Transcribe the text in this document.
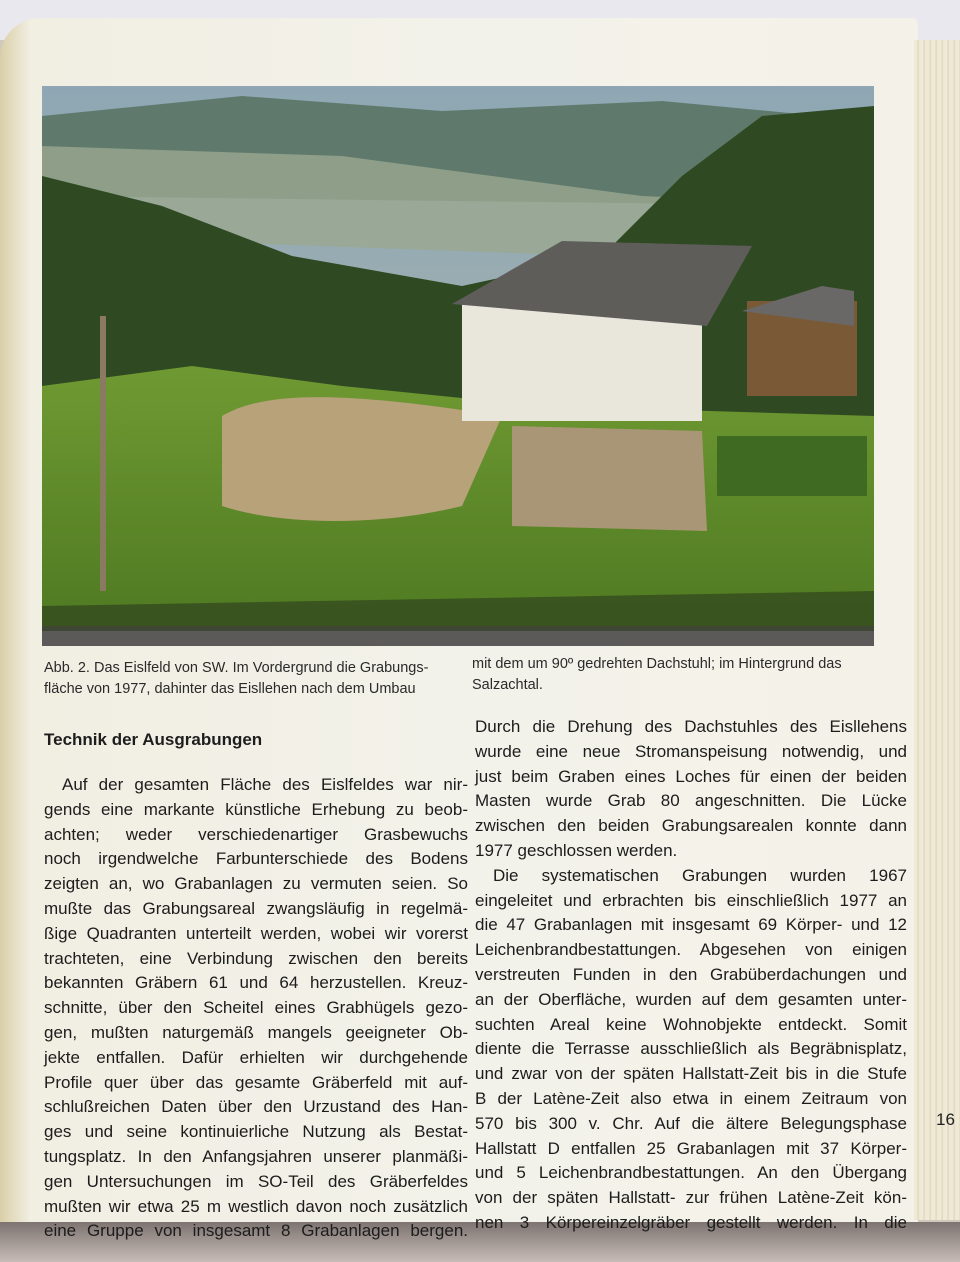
Abb. 2. Das Eislfeld von SW. Im Vordergrund die Grabungs-
fläche von 1977, dahinter das Eisllehen nach dem Umbau
mit dem um 90º gedrehten Dachstuhl; im Hintergrund das
Salzachtal.
Technik der Ausgrabungen
Auf der gesamten Fläche des Eislfeldes war nir-
gends eine markante künstliche Erhebung zu beob-
achten; weder verschiedenartiger Grasbewuchs
noch irgendwelche Farbunterschiede des Bodens
zeigten an, wo Grabanlagen zu vermuten seien. So
mußte das Grabungsareal zwangsläufig in regelmä-
ßige Quadranten unterteilt werden, wobei wir vorerst
trachteten, eine Verbindung zwischen den bereits
bekannten Gräbern 61 und 64 herzustellen. Kreuz-
schnitte, über den Scheitel eines Grabhügels gezo-
gen, mußten naturgemäß mangels geeigneter Ob-
jekte entfallen. Dafür erhielten wir durchgehende
Profile quer über das gesamte Gräberfeld mit auf-
schlußreichen Daten über den Urzustand des Han-
ges und seine kontinuierliche Nutzung als Bestat-
tungsplatz. In den Anfangsjahren unserer planmäßi-
gen Untersuchungen im SO-Teil des Gräberfeldes
mußten wir etwa 25 m westlich davon noch zusätzlich
eine Gruppe von insgesamt 8 Grabanlagen bergen.
Durch die Drehung des Dachstuhles des Eisllehens
wurde eine neue Stromanspeisung notwendig, und
just beim Graben eines Loches für einen der beiden
Masten wurde Grab 80 angeschnitten. Die Lücke
zwischen den beiden Grabungsarealen konnte dann
1977 geschlossen werden.
Die systematischen Grabungen wurden 1967
eingeleitet und erbrachten bis einschließlich 1977 an
die 47 Grabanlagen mit insgesamt 69 Körper- und 12
Leichenbrandbestattungen. Abgesehen von einigen
verstreuten Funden in den Grabüberdachungen und
an der Oberfläche, wurden auf dem gesamten unter-
suchten Areal keine Wohnobjekte entdeckt. Somit
diente die Terrasse ausschließlich als Begräbnisplatz,
und zwar von der späten Hallstatt-Zeit bis in die Stufe
B der Latène-Zeit also etwa in einem Zeitraum von
570 bis 300 v. Chr. Auf die ältere Belegungsphase
Hallstatt D entfallen 25 Grabanlagen mit 37 Körper-
und 5 Leichenbrandbestattungen. An den Übergang
von der späten Hallstatt- zur frühen Latène-Zeit kön-
nen 3 Körpereinzelgräber gestellt werden. In die
16
